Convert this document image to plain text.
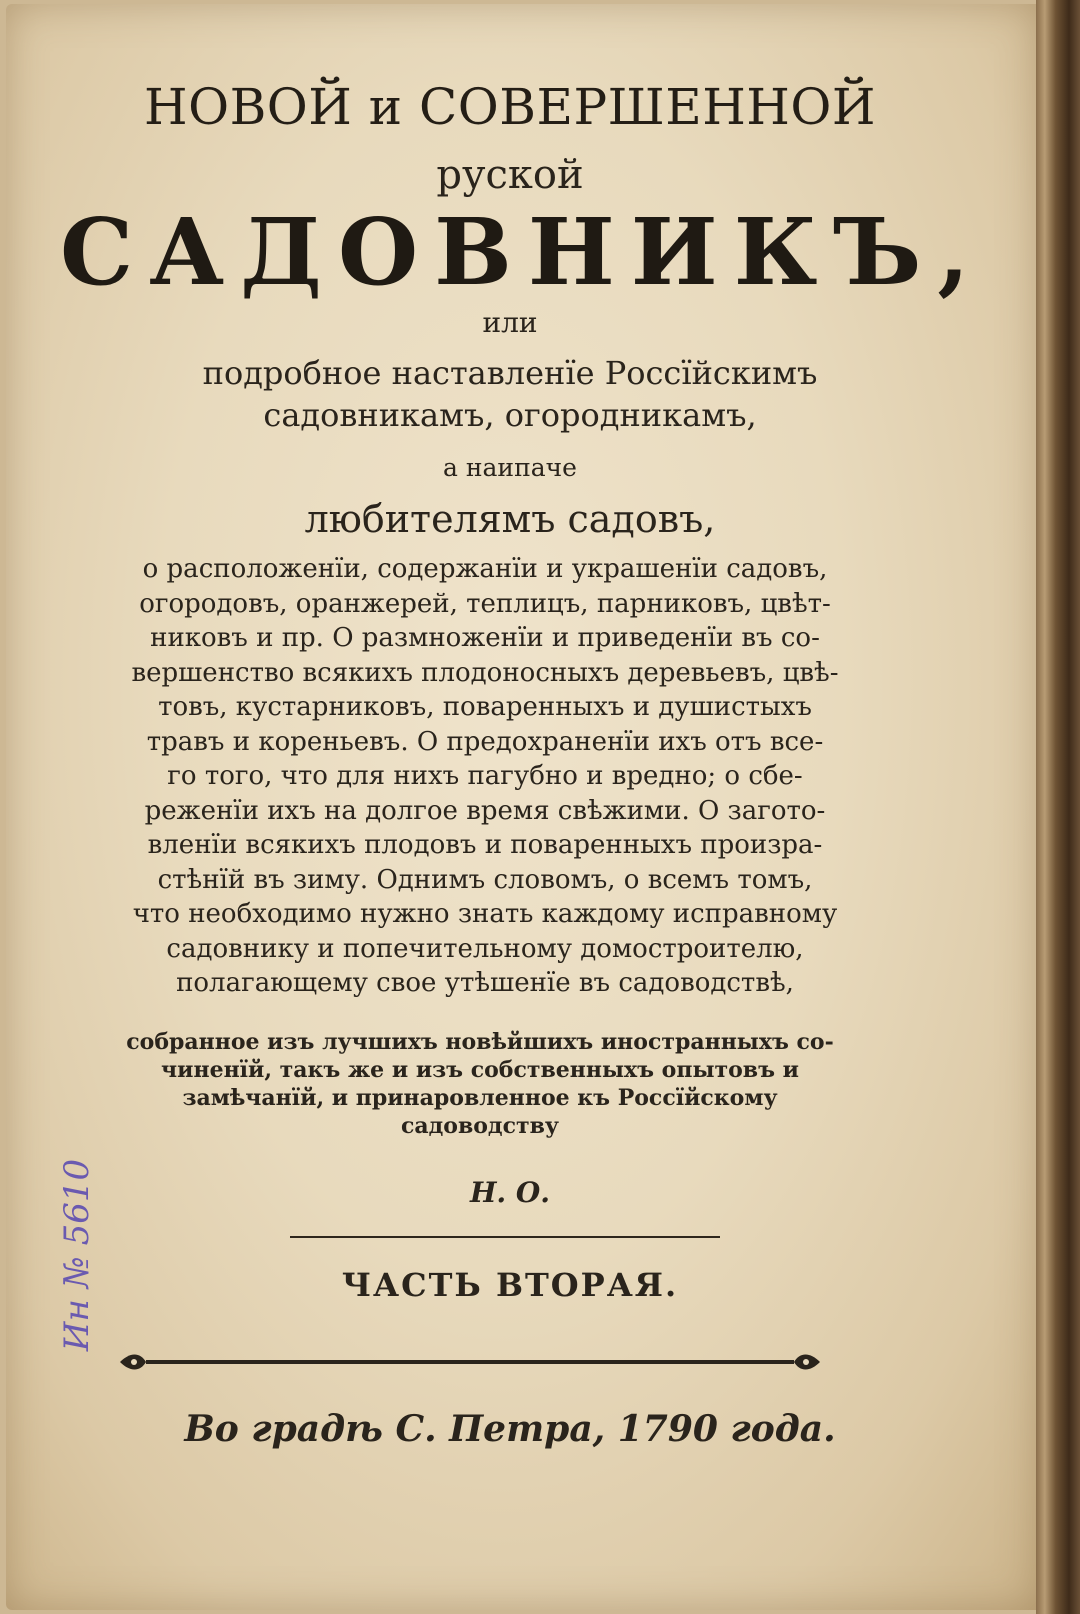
НОВОЙ и СОВЕРШЕННОЙ
руской
САДОВНИКЪ,
или
подробное наставленїе Россїйскимъ
садовникамъ, огородникамъ,
а наипаче
любителямъ садовъ,
о расположенїи, содержанїи и украшенїи садовъ,
огородовъ, оранжерей, теплицъ, парниковъ, цвѣт-
никовъ и пр. О размноженїи и приведенїи въ со-
вершенство всякихъ плодоносныхъ деревьевъ, цвѣ-
товъ, кустарниковъ, поваренныхъ и душистыхъ
травъ и кореньевъ. О предохраненїи ихъ отъ все-
го того, что для нихъ пагубно и вредно; о сбе-
реженїи ихъ на долгое время свѣжими. О загото-
вленїи всякихъ плодовъ и поваренныхъ произра-
стѣнїй въ зиму. Однимъ словомъ, о всемъ томъ,
что необходимо нужно знать каждому исправному
садовнику и попечительному домостроителю,
полагающему свое утѣшенїе въ садоводствѣ,
собранное изъ лучшихъ новѣйшихъ иностранныхъ со-
чиненїй, такъ же и изъ собственныхъ опытовъ и
замѣчанїй, и принаровленное къ Россїйскому
садоводству
Н. О.
ЧАСТЬ ВТОРАЯ.
Во градѣ С. Петра, 1790 года.
Ин № 5610
